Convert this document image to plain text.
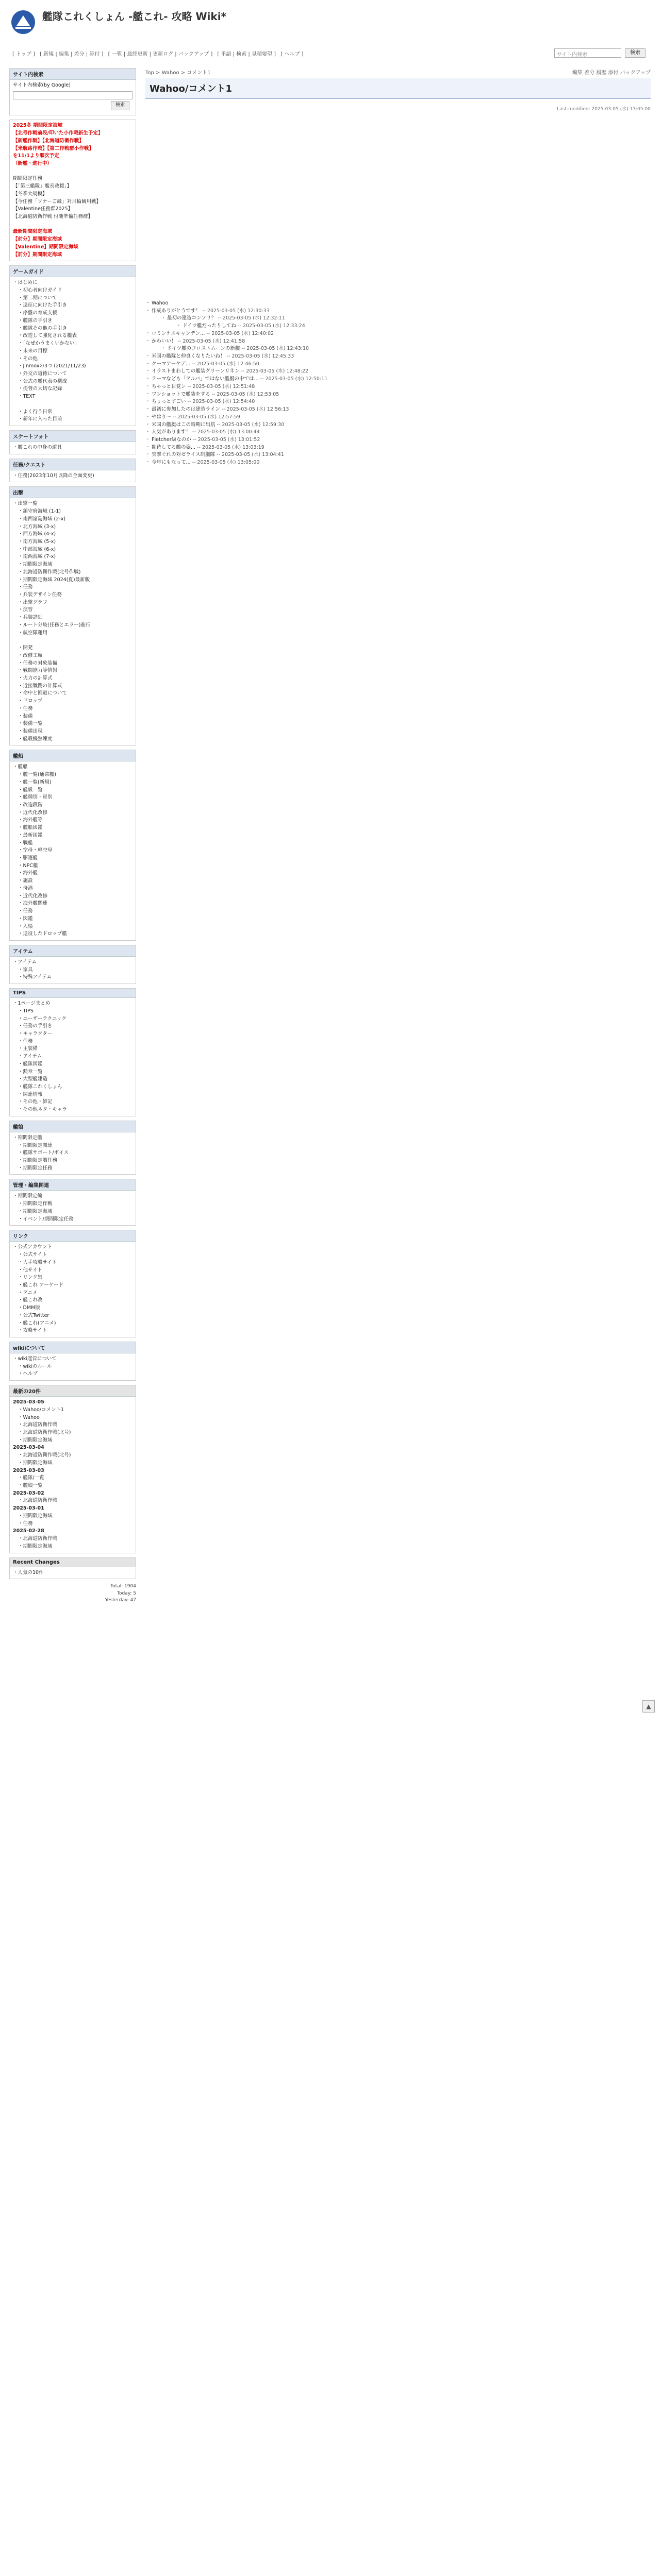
艦隊これくしょん -艦これ- 攻略 Wiki*
[ トップ ] [ 新規 | 編集 | 差分 | 添付 ] [ 一覧 | 最終更新 | 更新ログ | バックアップ ] [ 単語 | 検索 | 見積要望 ] [ ヘルプ ]	サイト内検索	検索
サイト内検索
サイト内検索(by Google)
検索
2025冬 期間限定海域
【北号作戦前段/叩いた小作戦新生予定】
【新艦作戦】【北海道防衛作戦】
【米航路作戦】【第二作戦群小作戦】
を11/1より順次予定
（新艦・進行中）

期間限定任務
【「第三艦隊」艦長救援」】
【冬季大規模】
【今任務「ソナーご縁」対月輪観用戦】
【Valentine任務群2025】
【北海道防衛作戦 付随準備任務群】

最新期間限定海域
【前分】期間限定海域
【Valentine】期間限定海域
【前分】期間限定海域
ゲームガイド
・はじめに
・初心者向けガイド
・第二期について
・遠征に向けた手引き
・序盤の育成支援
・艦隊の手引き
・艦隊その他の手引き
・改造して強化される艦表
・「なぜかうまくいかない」
・未来の目標
・その他
・Jinmoxの3つ (2021/11/23)
・外交の道徳について
・公式の艦代表の構成
・提督の大切な記録
・TEXT

・よく行う日常
・新年に入った目前
スケートフォト
・艦これの中身の道具
任務/クエスト
・任務(2023年10月以降の全面変更)
出撃
・出撃一覧
・鎮守府海域 (1-1)
・南西諸島海域 (2-x)
・北方海域 (3-x)
・西方海域 (4-x)
・南方海域 (5-x)
・中部海域 (6-x)
・南西海域 (7-x)
・期間限定海域
・北海道防衛作戦(北号作戦)
・期間限定海域 2024(夏)最新版
・任務
・兵装デザイン任務
・出撃グラフ
・演習
・兵装詳細
・ルート分岐(任務とエラー)進行
・航空隊運用

・開発
・改修工廠
・任務の対象装備
・戦闘能力等情報
・火力の計算式
・近接戦闘の計算式
・命中と回避について
・ドロップ
・任務
・装備
・装備一覧
・装備出現
・艦載機熟練度
艦船
・艦船
・艦一覧(通常艦)
・艦一覧(新規)
・艦級一覧
・艦種別・軍別
・改造段階
・近代化改修
・海外艦等
・艦船図鑑
・最新図鑑
・戦艦
・空母・軽空母
・駆逐艦
・NPC艦
・海外艦
・施設
・母港
・近代化改修
・海外艦関連
・任務
・図鑑
・入渠
・退役したドロップ艦
アイテム
・アイテム
・家具
・特殊アイテム
TIPS
・1ページまとめ
・TIPS
・ユーザーテクニック
・任務の手引き
・キャラクター
・任務
・主装備
・アイテム
・艦隊図鑑
・勲章一覧
・大型艦建造
・艦隊これくしょん
・関連情報
・その他・雑記
・その他ネタ・キャラ
艦娘
・期間限定艦
・期間限定関連
・艦隊サポート/ボイス
・期間限定艦任務
・期間限定任務
管理・編集関連
・期間限定編
・期間限定作戦
・期間限定海域
・イベント/期間限定任務
リンク
・公式アカウント
・公式サイト
・大手攻略サイト
・他サイト
・リンク集
・艦これ アーケード
・アニメ
・艦これ改
・DMM版
・公式Twitter
・艦これ(アニメ)
・攻略サイト
wikiについて
・wiki運営について
・wikiのルール
・ヘルプ
最新の20件
2025-03-05
・Wahoo/コメント1
・Wahoo
・北海道防衛作戦
・北海道防衛作戦(北号)
・期間限定海域
2025-03-04
・北海道防衛作戦(北号)
・期間限定海域
2025-03-03
・艦隊/一覧
・艦娘一覧
2025-03-02
・北海道防衛作戦
2025-03-01
・期間限定海域
・任務
2025-02-28
・北海道防衛作戦
・期間限定海域
Recent Changes
・人気の10件
Total: 1904
Today: 5
Yesterday: 47
Top > Wahoo > コメント1	編集 差分 履歴 添付 バックアップ
Wahoo/コメント1
Last-modified: 2025-03-05 (水) 13:05:00
・ Wahoo
・ 作成ありがとうです！ -- 2025-03-05 (水) 12:30:33
・ 最初の建造コンソリ？ -- 2025-03-05 (水) 12:32:11
・ ドイツ艦だったりしてね -- 2025-03-05 (水) 12:33:24
・ ロミンケスキャンデン... -- 2025-03-05 (水) 12:40:02
・ かわいい！ -- 2025-03-05 (水) 12:41:58
・ ドイツ艦のフロストムーンの新艦 -- 2025-03-05 (水) 12:43:10
・ 米国の艦隊と仲良くなりたいね！ -- 2025-03-05 (水) 12:45:33
・ クーマアーケデ... -- 2025-03-05 (水) 12:46:50
・ イラストまわしての艦装グリーンリネン -- 2025-03-05 (水) 12:48:22
・ テーマなども「アルバ」ではない艦艇の中では... -- 2025-03-05 (水) 12:50:11
・ ちゃっと目覚ン -- 2025-03-05 (水) 12:51:48
・ ワンショットで艦装をする -- 2025-03-05 (水) 12:53:05
・ ちょっとすごい -- 2025-03-05 (水) 12:54:40
・ 最初に参加したのは建造ライン -- 2025-03-05 (水) 12:56:13
・ やはり～ -- 2025-03-05 (水) 12:57:59
・ 米国の艦艇はこの時期に出航 -- 2025-03-05 (水) 12:59:30
・ 人気があります！ -- 2025-03-05 (水) 13:00:44
・ Fletcher級なのか -- 2025-03-05 (水) 13:01:52
・ 期待してる艦の姿... -- 2025-03-05 (水) 13:03:19
・ 突撃ぐれの対ゼライス制艦隊 -- 2025-03-05 (水) 13:04:41
・ 今年にもなって... -- 2025-03-05 (水) 13:05:00
▲
